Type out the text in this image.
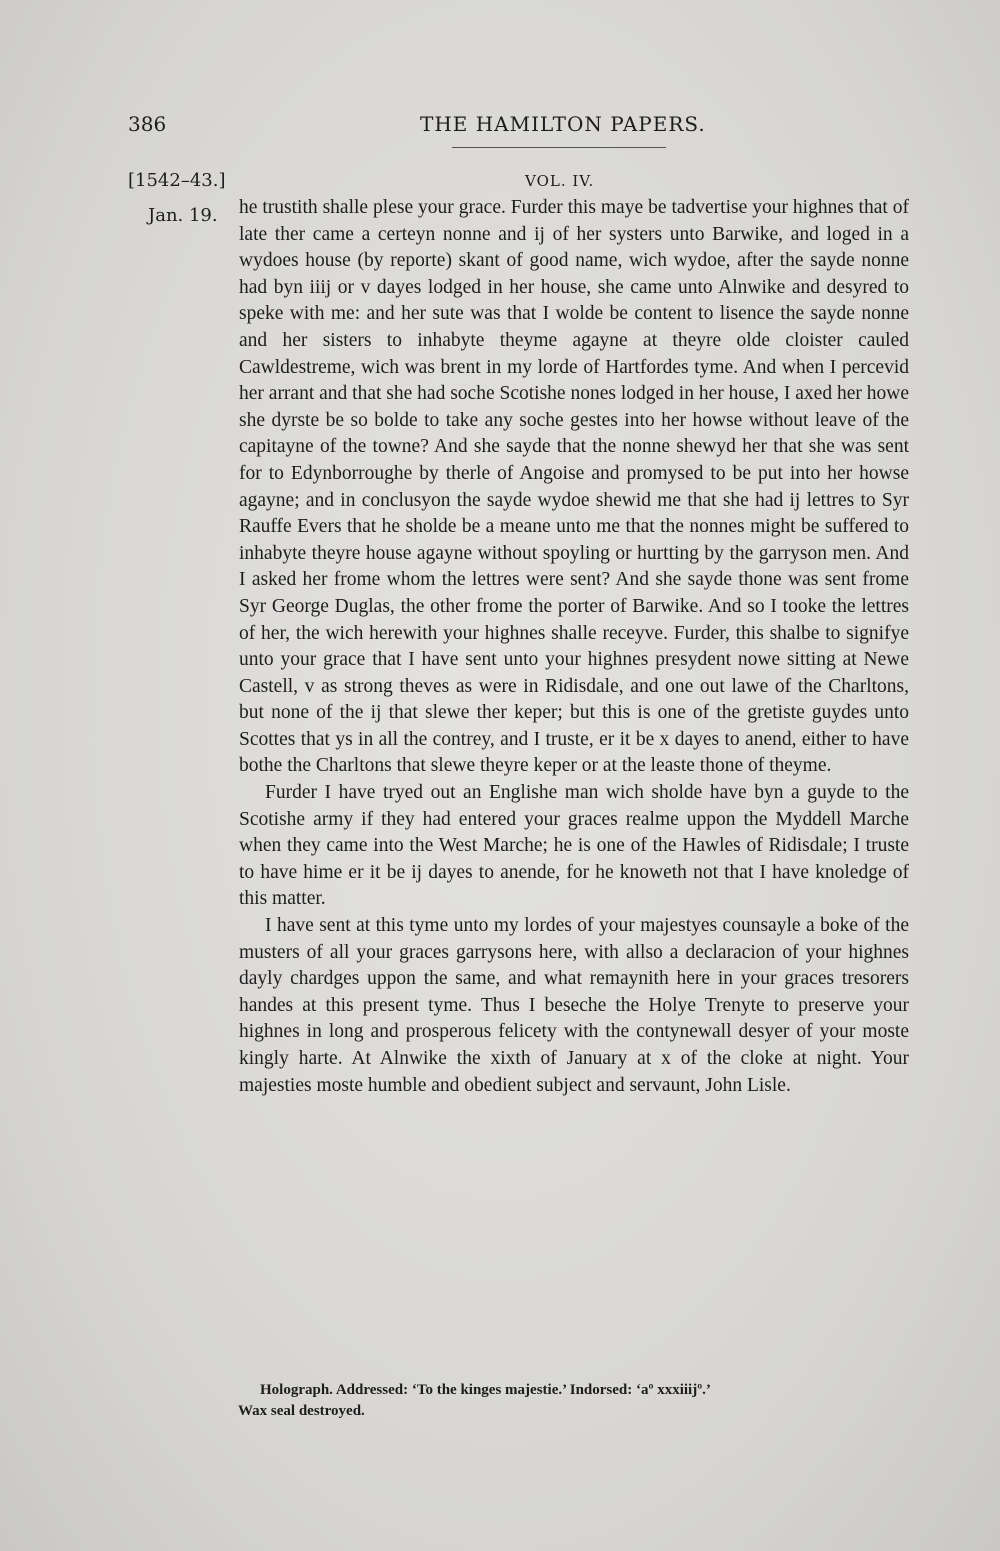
386	THE HAMILTON PAPERS.
[1542–43.]	VOL. IV.
Jan. 19. he trustith shalle plese your grace. Furder this maye be tadvertise your highnes that of late ther came a certeyn nonne and ij of her systers unto Barwike, and loged in a wydoes house (by reporte) skant of good name, wich wydoe, after the sayde nonne had byn iiij or v dayes lodged in her house, she came unto Alnwike and desyred to speke with me: and her sute was that I wolde be content to lisence the sayde nonne and her sisters to inhabyte theyme agayne at theyre olde cloister cauled Cawldestreme, wich was brent in my lorde of Hartfordes tyme. And when I percevid her arrant and that she had soche Scotishe nones lodged in her house, I axed her howe she dyrste be so bolde to take any soche gestes into her howse without leave of the capitayne of the towne? And she sayde that the nonne shewyd her that she was sent for to Edynborroughe by therle of Angoise and promysed to be put into her howse agayne; and in conclusyon the sayde wydoe shewid me that she had ij lettres to Syr Rauffe Evers that he sholde be a meane unto me that the nonnes might be suffered to inhabyte theyre house agayne without spoyling or hurtting by the garryson men. And I asked her frome whom the lettres were sent? And she sayde thone was sent frome Syr George Duglas, the other frome the porter of Barwike. And so I tooke the lettres of her, the wich herewith your highnes shalle receyve. Furder, this shalbe to signifye unto your grace that I have sent unto your highnes presydent nowe sitting at Newe Castell, v as strong theves as were in Ridisdale, and one out lawe of the Charltons, but none of the ij that slewe ther keper; but this is one of the gretiste guydes unto Scottes that ys in all the contrey, and I truste, er it be x dayes to anend, either to have bothe the Charltons that slewe theyre keper or at the leaste thone of theyme.

Furder I have tryed out an Englishe man wich sholde have byn a guyde to the Scotishe army if they had entered your graces realme uppon the Myddell Marche when they came into the West Marche; he is one of the Hawles of Ridisdale; I truste to have hime er it be ij dayes to anende, for he knoweth not that I have knoledge of this matter.

I have sent at this tyme unto my lordes of your majestyes counsayle a boke of the musters of all your graces garrysons here, with allso a declaracion of your highnes dayly chardges uppon the same, and what remaynith here in your graces tresorers handes at this present tyme. Thus I beseche the Holye Trenyte to preserve your highnes in long and prosperous felicety with the contynewall desyer of your moste kingly harte. At Alnwike the xixth of January at x of the cloke at night. Your majesties moste humble and obedient subject and servaunt, John Lisle.

Holograph. Addressed: ‘To the kinges majestie.’ Indorsed: ‘aº xxxiiijº.’
Wax seal destroyed.
